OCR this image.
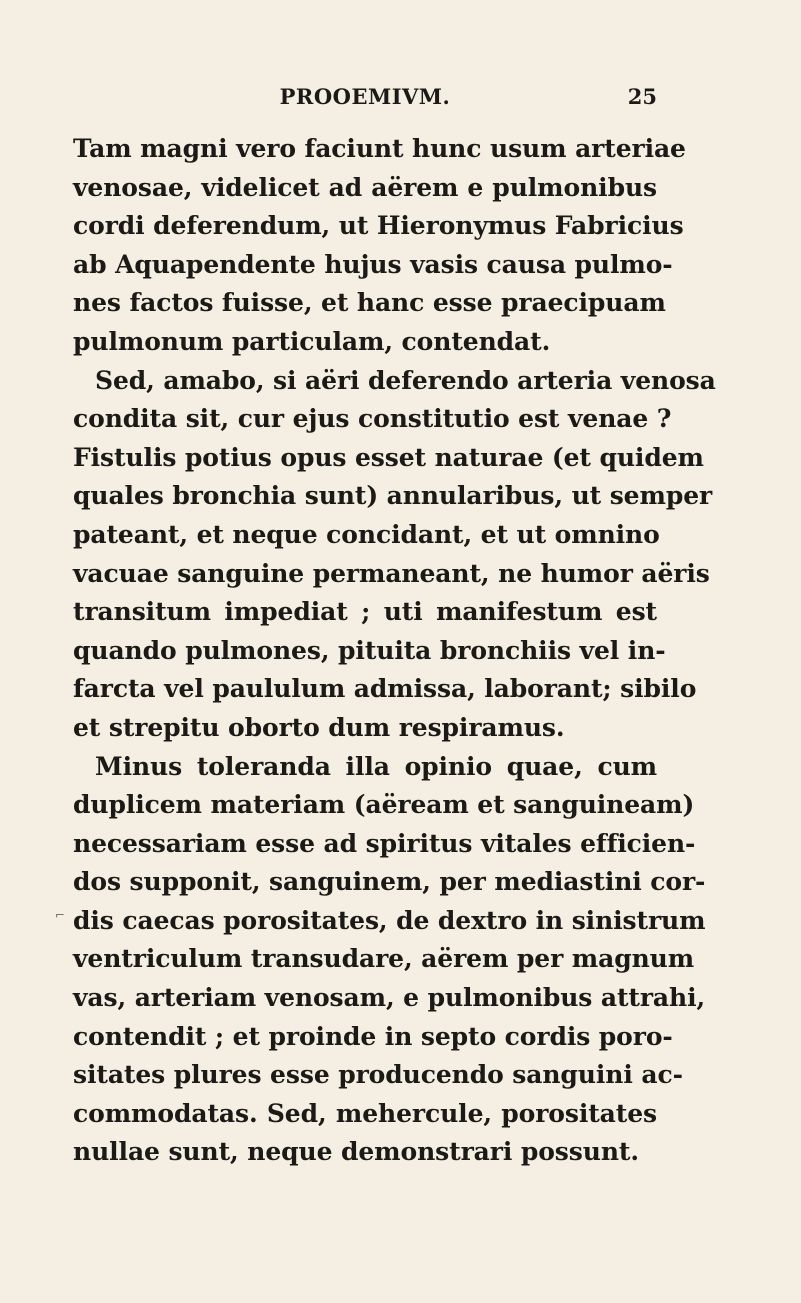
PROOEMIVM.	25
⌐
Tam magni vero faciunt hunc usum arteriae
venosae, videlicet ad aërem e pulmonibus
cordi deferendum, ut Hieronymus Fabricius
ab Aquapendente hujus vasis causa pulmo-
nes factos fuisse, et hanc esse praecipuam
pulmonum particulam, contendat.
Sed, amabo, si aëri deferendo arteria venosa
condita sit, cur ejus constitutio est venae ?
Fistulis potius opus esset naturae (et quidem
quales bronchia sunt) annularibus, ut semper
pateant, et neque concidant, et ut omnino
vacuae sanguine permaneant, ne humor aëris
transitum impediat ; uti manifestum est
quando pulmones, pituita bronchiis vel in-
farcta vel paululum admissa, laborant; sibilo
et strepitu oborto dum respiramus.
Minus toleranda illa opinio quae, cum
duplicem materiam (aëream et sanguineam)
necessariam esse ad spiritus vitales efficien-
dos supponit, sanguinem, per mediastini cor-
dis caecas porositates, de dextro in sinistrum
ventriculum transudare, aërem per magnum
vas, arteriam venosam, e pulmonibus attrahi,
contendit ; et proinde in septo cordis poro-
sitates plures esse producendo sanguini ac-
commodatas. Sed, mehercule, porositates
nullae sunt, neque demonstrari possunt.
